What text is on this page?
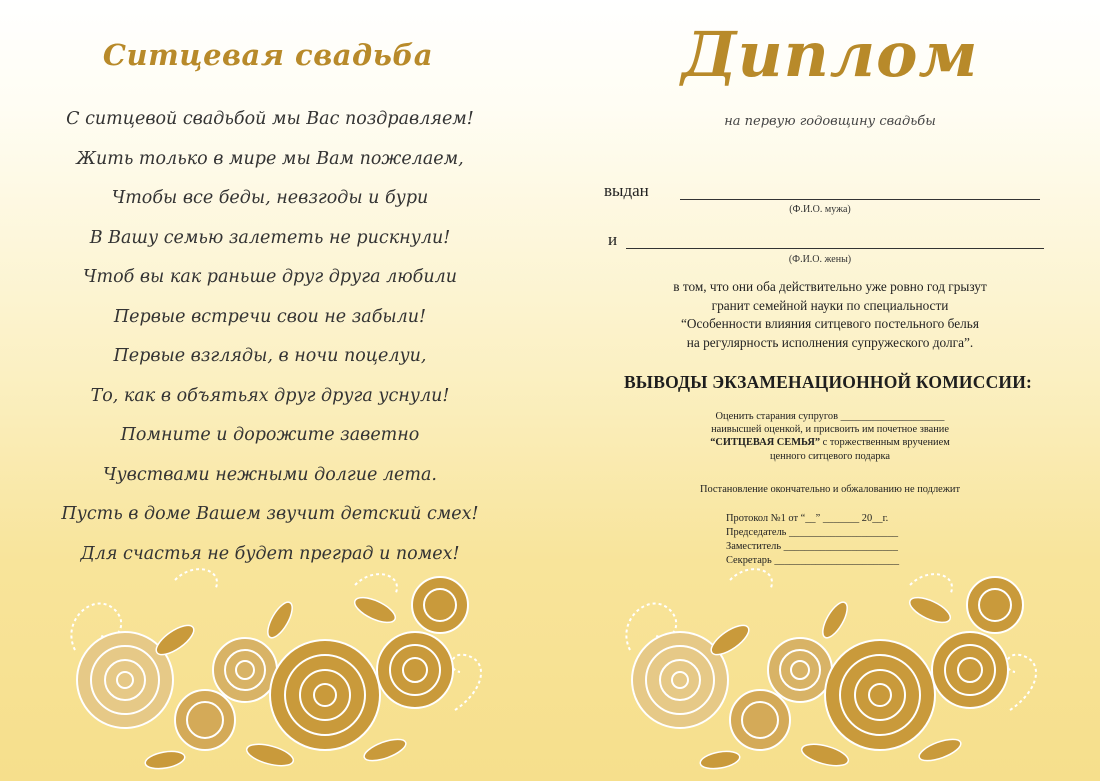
Ситцевая свадьба
С ситцевой свадьбой мы Вас поздравляем!
Жить только в мире мы Вам пожелаем,
Чтобы все беды, невзгоды и бури
В Вашу семью залететь не рискнули!
Чтоб вы как раньше друг друга любили
Первые встречи свои не забыли!
Первые взгляды, в ночи поцелуи,
То, как в объятьях друг друга уснули!
Помните и дорожите заветно
Чувствами нежными долгие лета.
Пусть в доме Вашем звучит детский смех!
Для счастья не будет преград и помех!
Диплом
на первую годовщину свадьбы
выдан
(Ф.И.О. мужа)
и
(Ф.И.О. жены)
в том, что они оба действительно уже ровно год грызут
гранит семейной науки по специальности
“Особенности влияния ситцевого постельного белья
на регулярность исполнения супружеского долга”.
ВЫВОДЫ ЭКЗАМЕНАЦИОННОЙ КОМИССИИ:
Оценить старания супругов ____________________
наивысшей оценкой, и присвоить им почетное звание
“СИТЦЕВАЯ СЕМЬЯ” с торжественным вручением
ценного ситцевого подарка
Постановление окончательно и обжалованию не подлежит
Протокол №1 от “__” _______ 20__г.
Председатель _____________________
Заместитель ______________________
Секретарь ________________________
